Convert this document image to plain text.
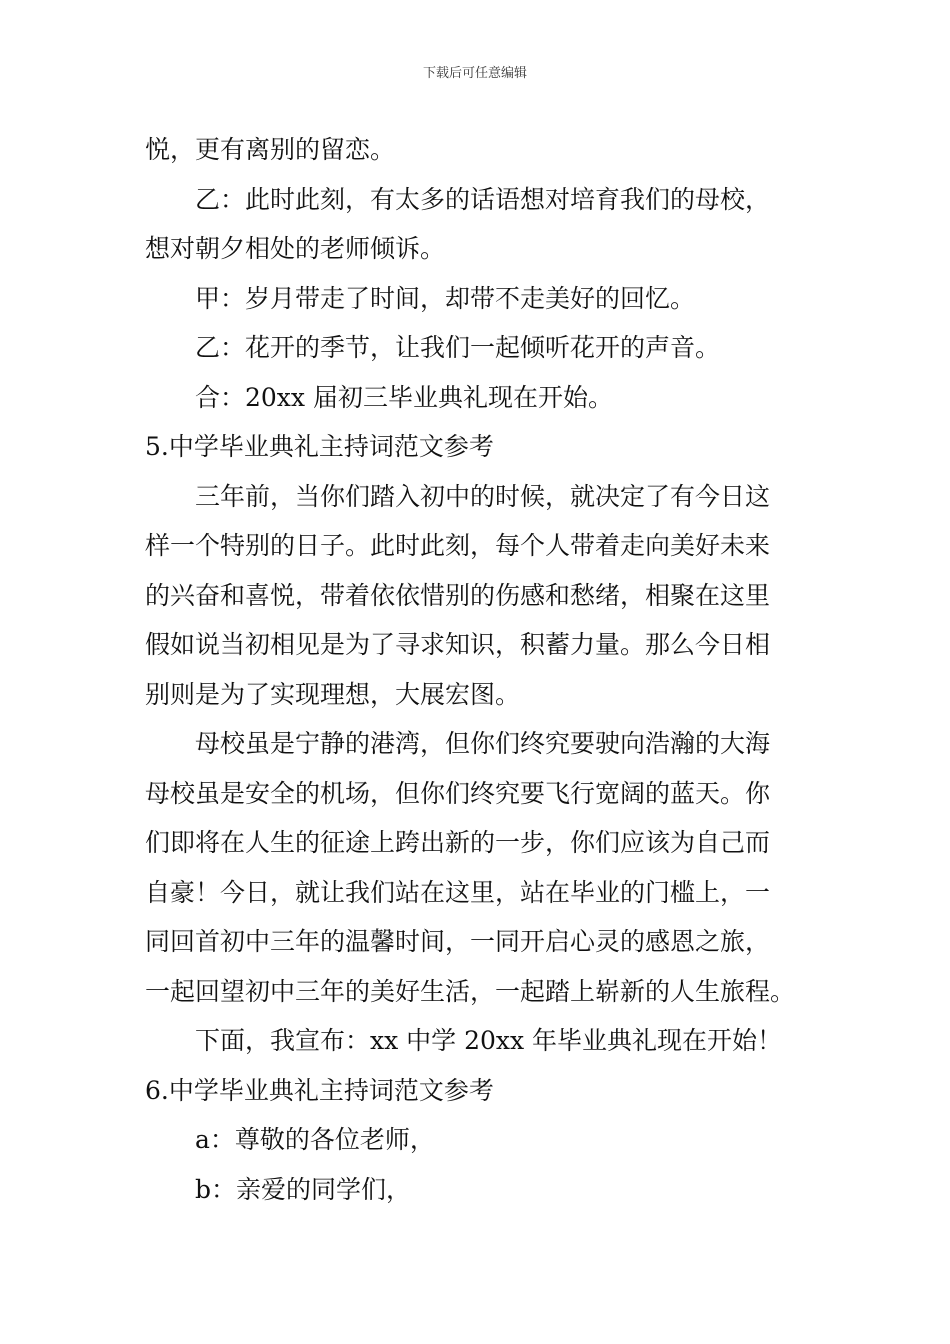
下载后可任意编辑
悦，更有离别的留恋。
乙：此时此刻，有太多的话语想对培育我们的母校，
想对朝夕相处的老师倾诉。
甲：岁月带走了时间，却带不走美好的回忆。
乙：花开的季节，让我们一起倾听花开的声音。
合：20xx 届初三毕业典礼现在开始。
5.中学毕业典礼主持词范文参考
三年前，当你们踏入初中的时候，就决定了有今日这
样一个特别的日子。此时此刻，每个人带着走向美好未来
的兴奋和喜悦，带着依依惜别的伤感和愁绪，相聚在这里
假如说当初相见是为了寻求知识，积蓄力量。那么今日相
别则是为了实现理想，大展宏图。
母校虽是宁静的港湾，但你们终究要驶向浩瀚的大海
母校虽是安全的机场，但你们终究要飞行宽阔的蓝天。你
们即将在人生的征途上跨出新的一步，你们应该为自己而
自豪！今日，就让我们站在这里，站在毕业的门槛上，一
同回首初中三年的温馨时间，一同开启心灵的感恩之旅，
一起回望初中三年的美好生活，一起踏上崭新的人生旅程。
下面，我宣布：xx 中学 20xx 年毕业典礼现在开始！
6.中学毕业典礼主持词范文参考
a：尊敬的各位老师，
b：亲爱的同学们，
